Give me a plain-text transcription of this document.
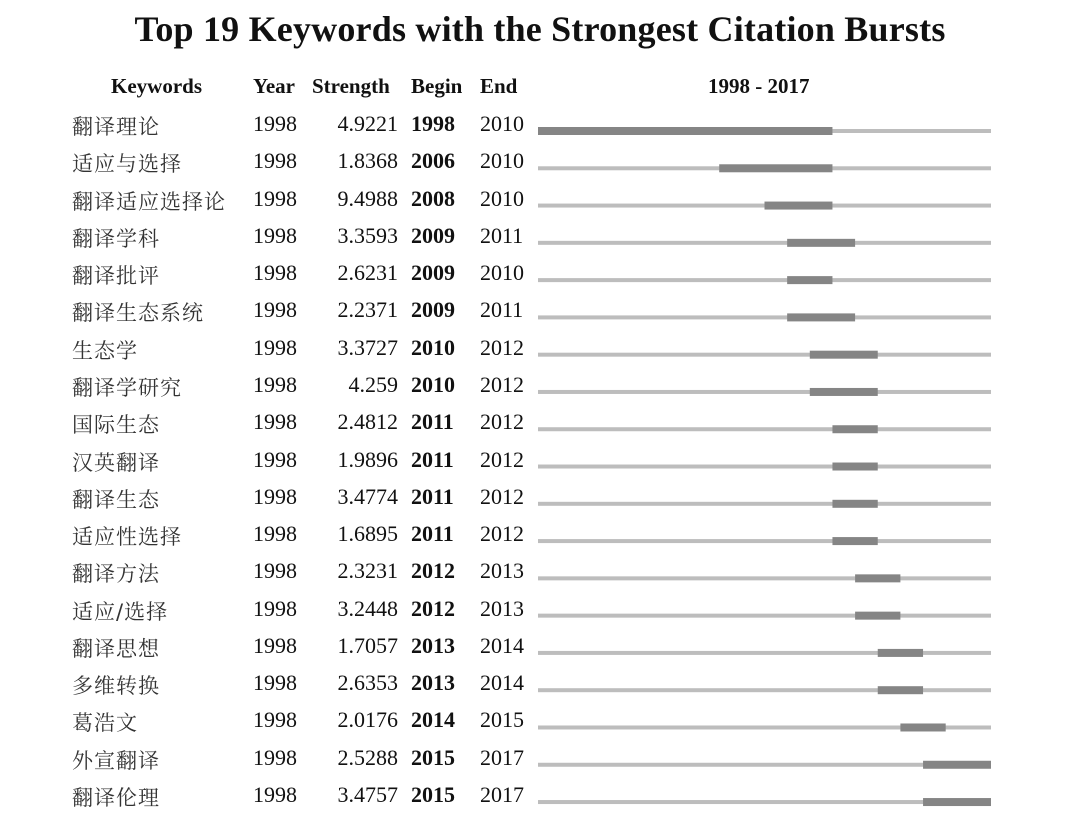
Top 19 Keywords with the Strongest Citation Bursts
Keywords Year Strength Begin End	1998 - 2017
翻译理论	1998 4.9221 1998 2010
适应与选择	1998 1.8368 2006 2010
翻译适应选择论 1998 9.4988 2008 2010
翻译学科	1998 3.3593 2009 2011
翻译批评	1998 2.6231 2009 2010
翻译生态系统 1998 2.2371 2009 2011
生态学	1998 3.3727 2010 2012
翻译学研究	1998 4.259 2010 2012
国际生态	1998 2.4812 2011 2012
汉英翻译	1998 1.9896 2011 2012
翻译生态	1998 3.4774 2011 2012
适应性选择	1998 1.6895 2011 2012
翻译方法	1998 2.3231 2012 2013
适应/选择	1998 3.2448 2012 2013
翻译思想	1998 1.7057 2013 2014
多维转换	1998 2.6353 2013 2014
葛浩文	1998 2.0176 2014 2015
外宣翻译	1998 2.5288 2015 2017
翻译伦理	1998 3.4757 2015 2017
